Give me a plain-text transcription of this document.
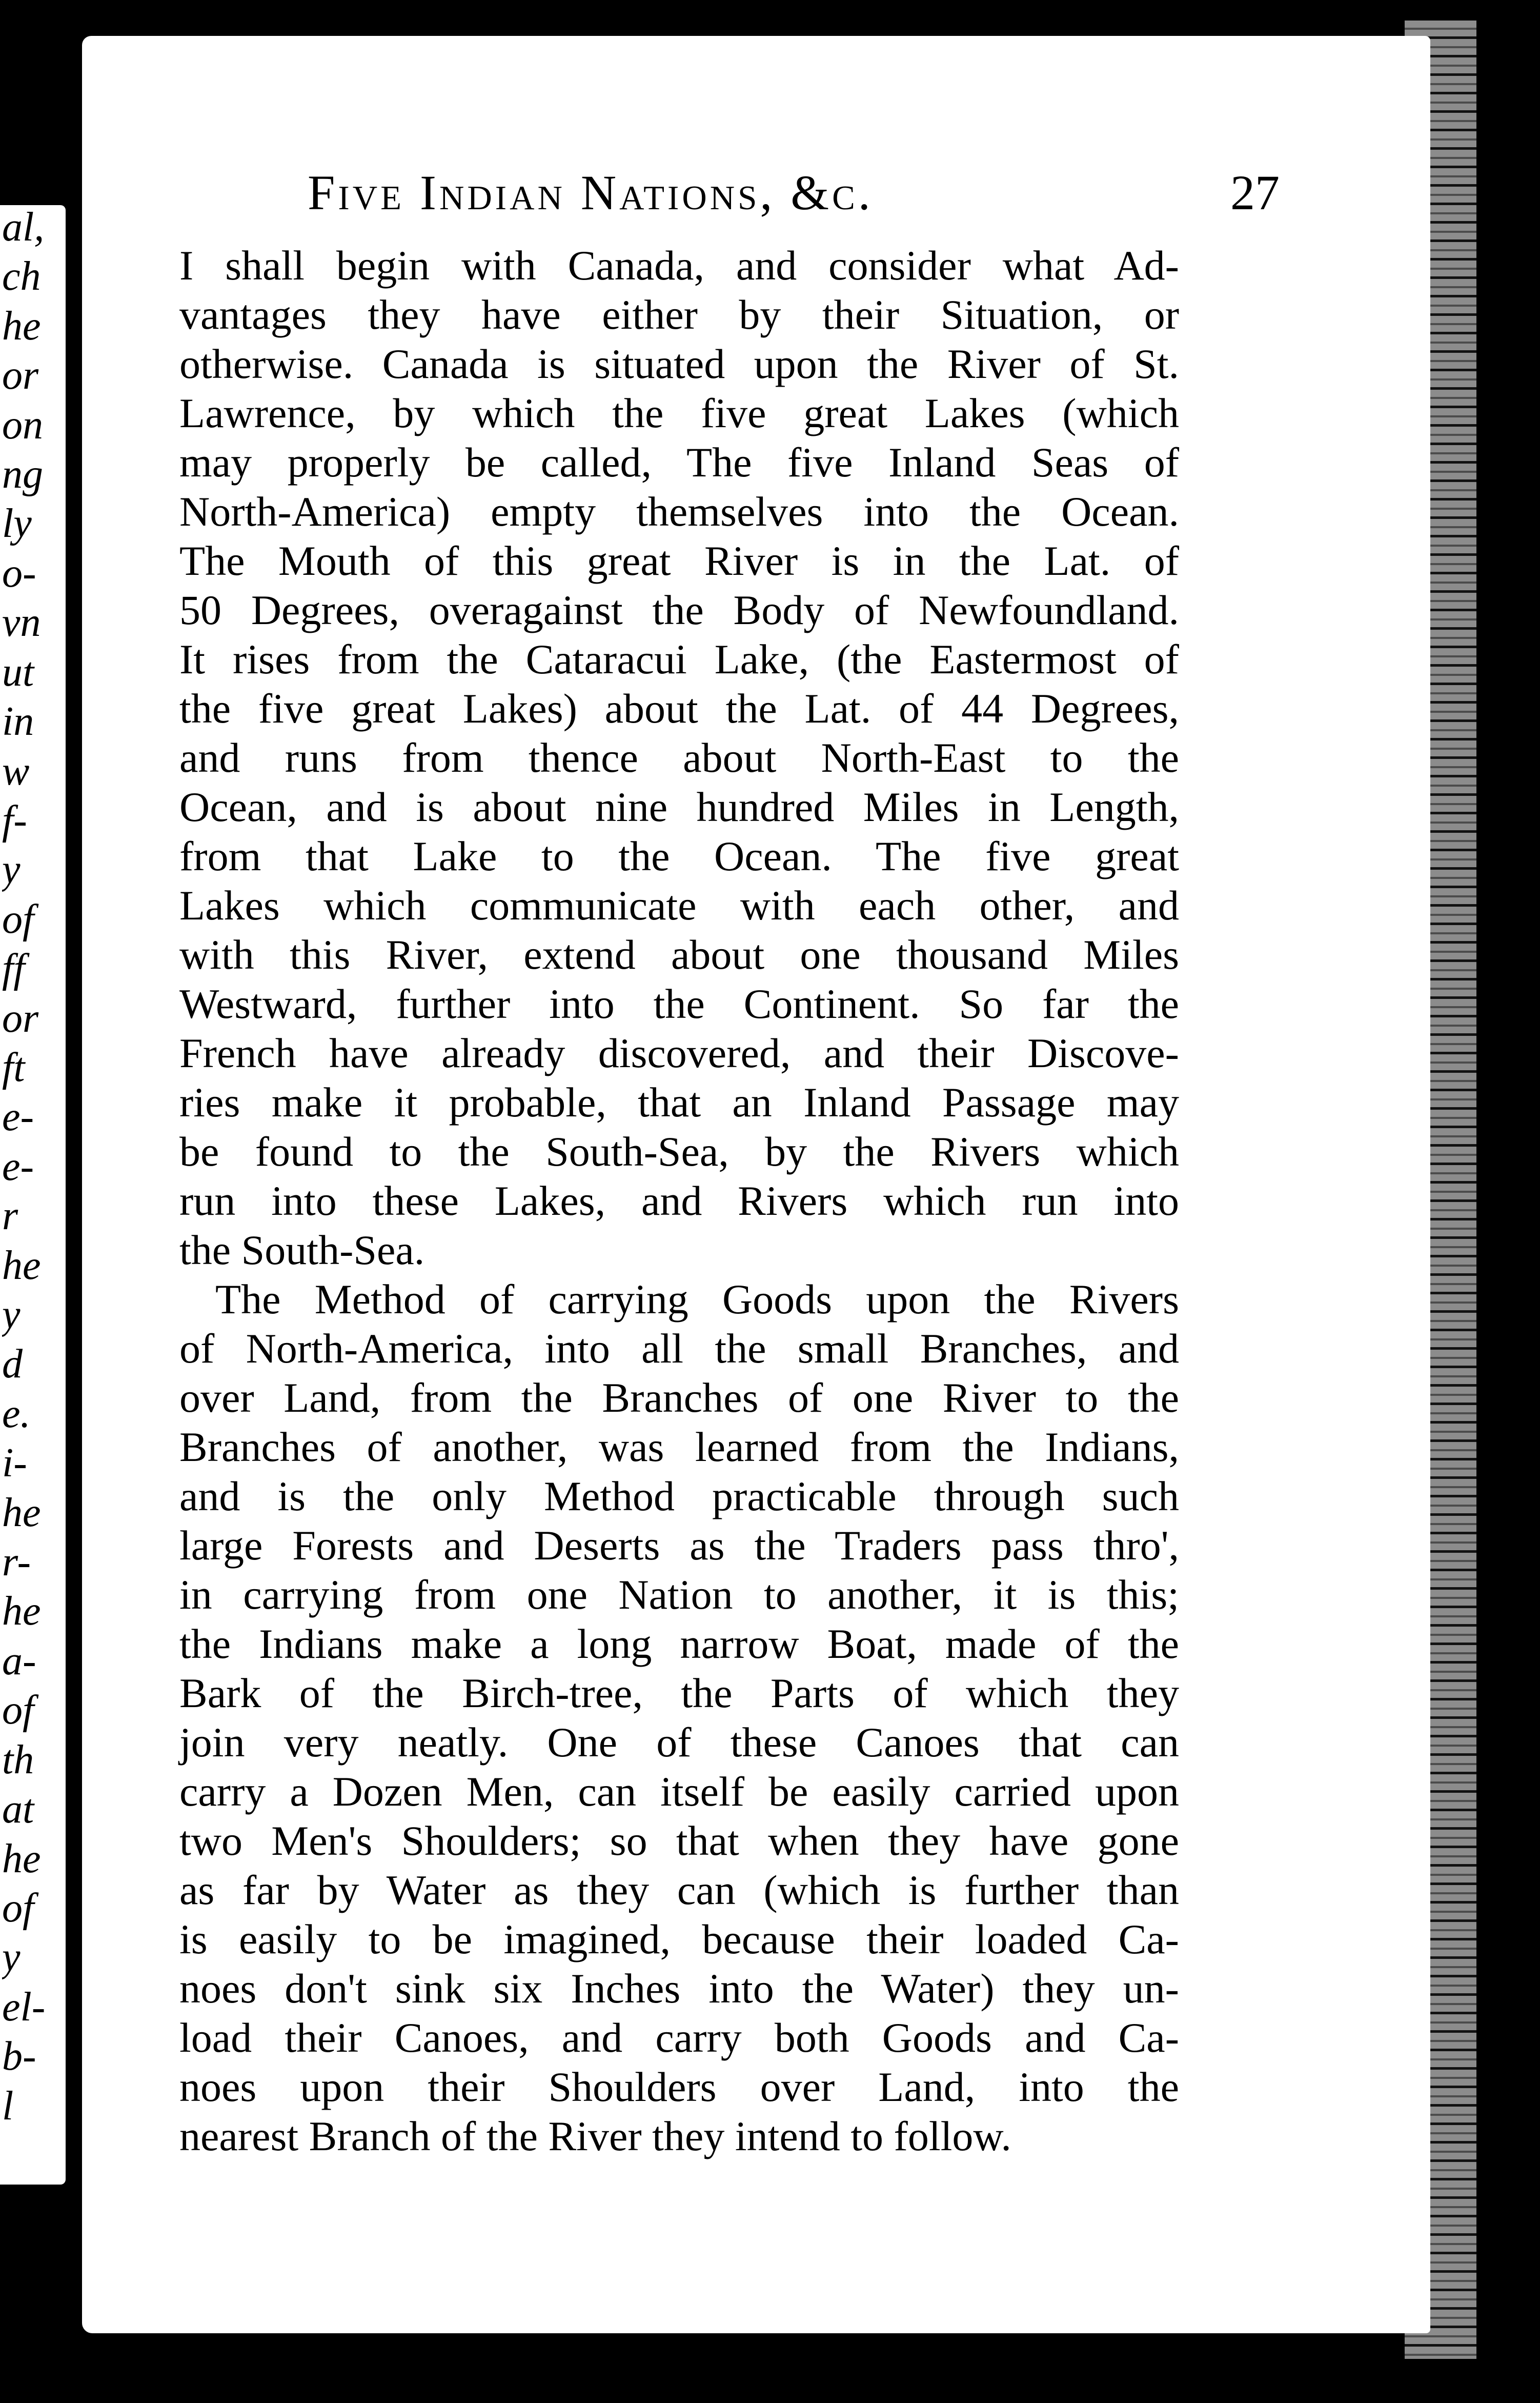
al,
ch
he
or
on
ng
ly
o-
vn
ut
in
w
f-
y
of
ff
or
ft
e-
e-
r
he
y
d
e.
i-
he
r-
he
a-
of
th
at
he
of
y
el-
b-
l
Five Indian Nations, &c.	27
I shall begin with Canada, and consider what Ad-
vantages they have either by their Situation, or
otherwise. Canada is situated upon the River of St.
Lawrence, by which the five great Lakes (which
may properly be called, The five Inland Seas of
North-America) empty themselves into the Ocean.
The Mouth of this great River is in the Lat. of
50 Degrees, overagainst the Body of Newfoundland.
It rises from the Cataracui Lake, (the Eastermost of
the five great Lakes) about the Lat. of 44 Degrees,
and runs from thence about North-East to the
Ocean, and is about nine hundred Miles in Length,
from that Lake to the Ocean. The five great
Lakes which communicate with each other, and
with this River, extend about one thousand Miles
Westward, further into the Continent. So far the
French have already discovered, and their Discove-
ries make it probable, that an Inland Passage may
be found to the South-Sea, by the Rivers which
run into these Lakes, and Rivers which run into
the South-Sea.
The Method of carrying Goods upon the Rivers
of North-America, into all the small Branches, and
over Land, from the Branches of one River to the
Branches of another, was learned from the Indians,
and is the only Method practicable through such
large Forests and Deserts as the Traders pass thro',
in carrying from one Nation to another, it is this;
the Indians make a long narrow Boat, made of the
Bark of the Birch-tree, the Parts of which they
join very neatly. One of these Canoes that can
carry a Dozen Men, can itself be easily carried upon
two Men's Shoulders; so that when they have gone
as far by Water as they can (which is further than
is easily to be imagined, because their loaded Ca-
noes don't sink six Inches into the Water) they un-
load their Canoes, and carry both Goods and Ca-
noes upon their Shoulders over Land, into the
nearest Branch of the River they intend to follow.
Thus,
